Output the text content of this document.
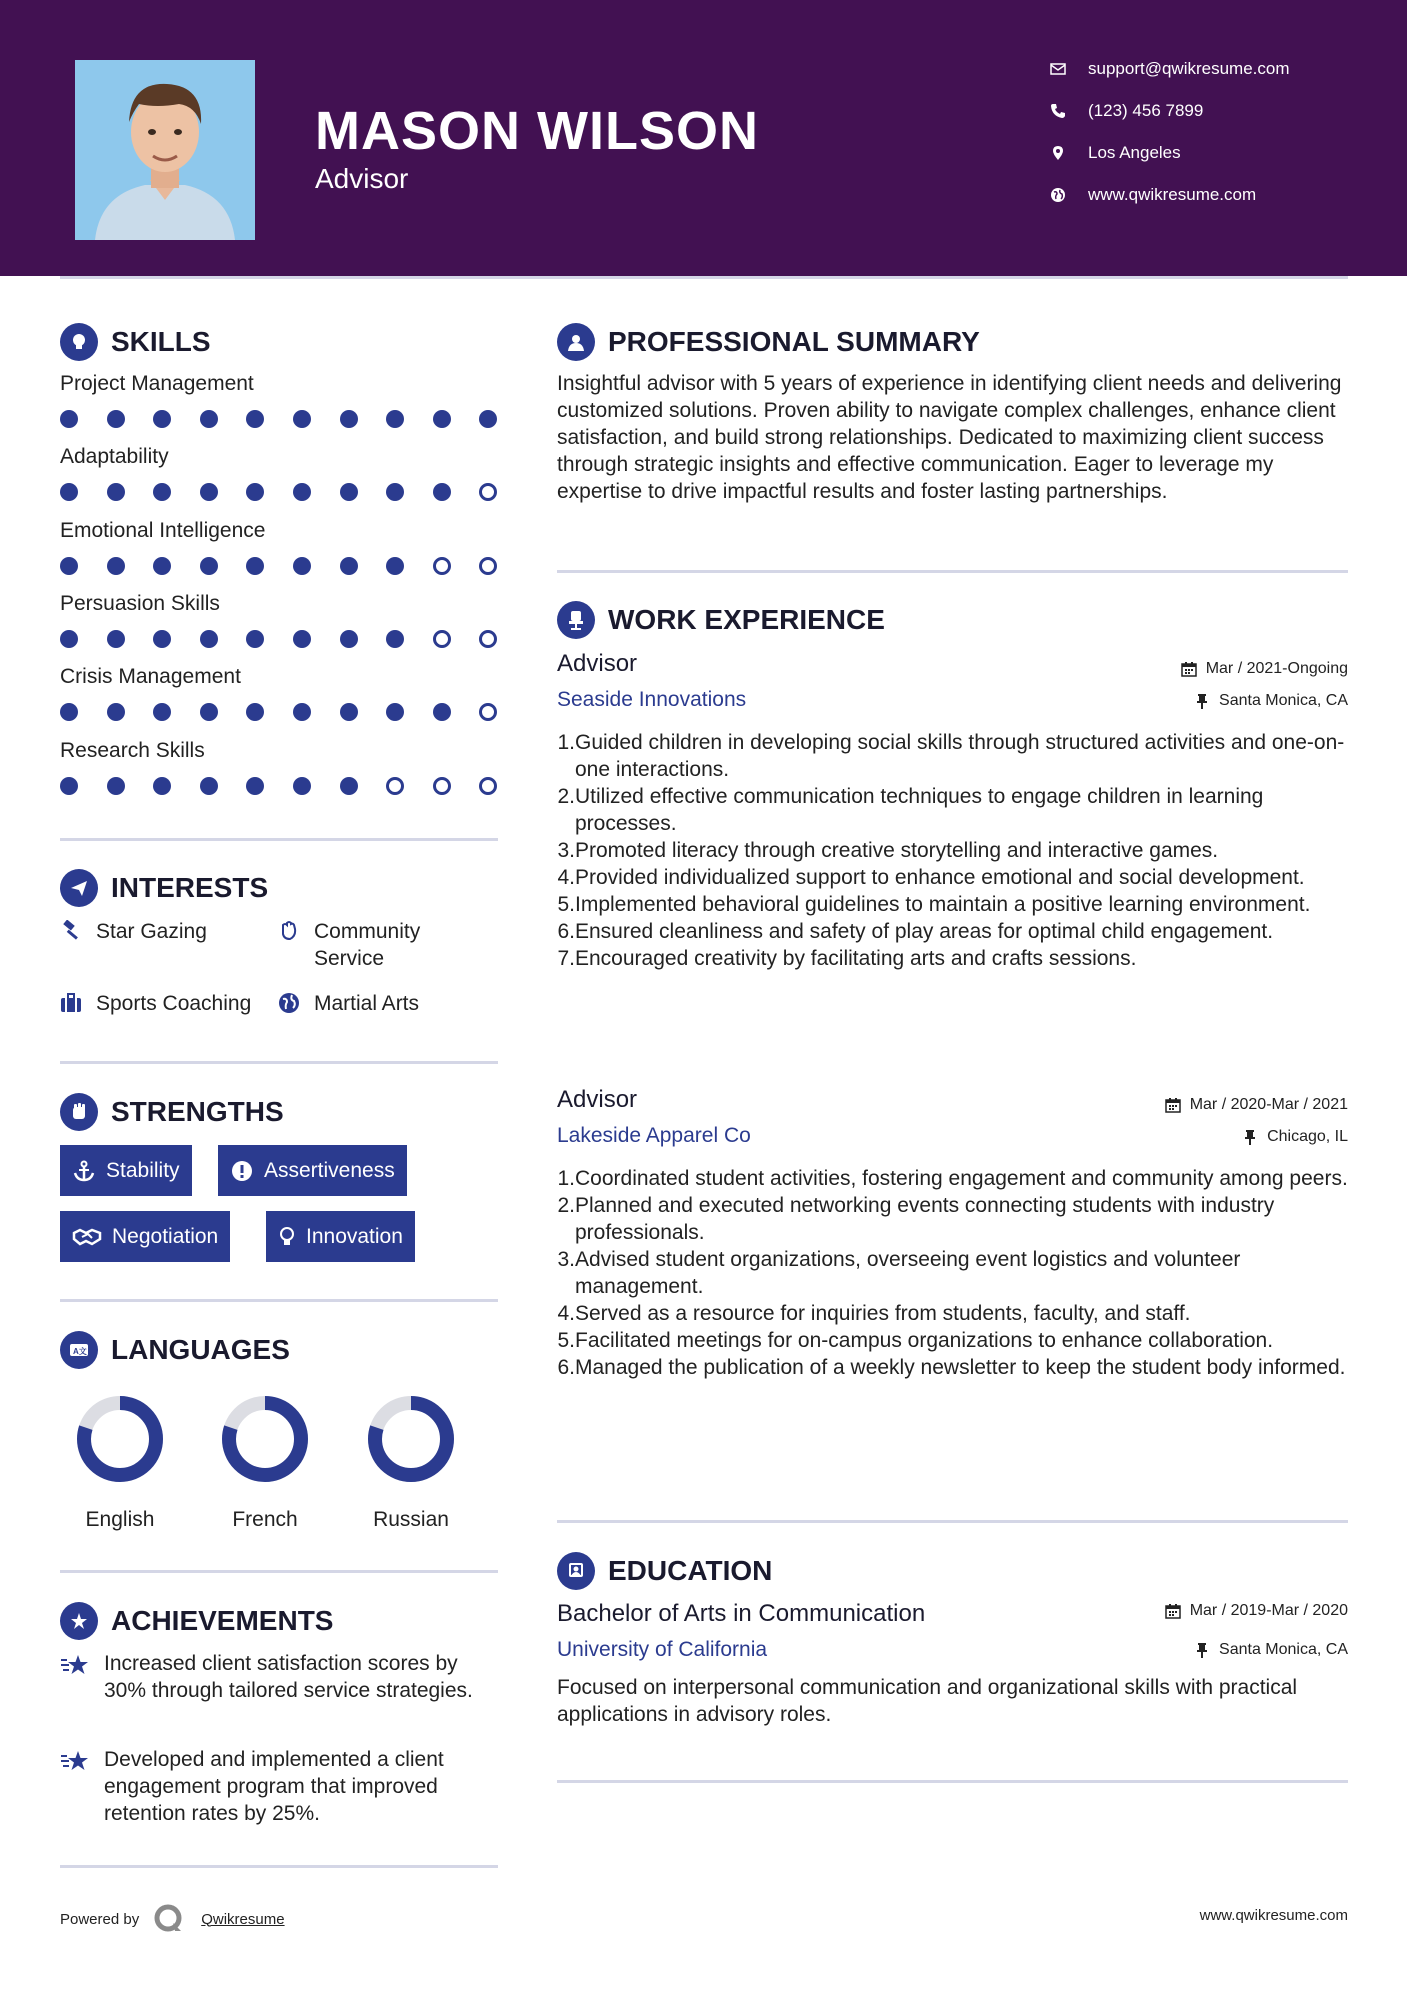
MASON WILSON
Advisor
support@qwikresume.com
(123) 456 7899
Los Angeles
www.qwikresume.com
SKILLS
Project Management
Adaptability
Emotional Intelligence
Persuasion Skills
Crisis Management
Research Skills
INTERESTS
Star Gazing	Community Service
Sports Coaching	Martial Arts
STRENGTHS
Stability	Assertiveness
Negotiation	Innovation
A文 LANGUAGES
English	French	Russian
ACHIEVEMENTS
Increased client satisfaction scores by 30% through tailored service strategies.
Developed and implemented a client engagement program that improved retention rates by 25%.
PROFESSIONAL SUMMARY
Insightful advisor with 5 years of experience in identifying client needs and delivering customized solutions. Proven ability to navigate complex challenges, enhance client satisfaction, and build strong relationships. Dedicated to maximizing client success through strategic insights and effective communication. Eager to leverage my expertise to drive impactful results and foster lasting partnerships.
WORK EXPERIENCE
Advisor	Mar / 2021-Ongoing
Seaside Innovations	Santa Monica, CA
1. Guided children in developing social skills through structured activities and one-on-one interactions.
2. Utilized effective communication techniques to engage children in learning processes.
3. Promoted literacy through creative storytelling and interactive games.
4. Provided individualized support to enhance emotional and social development.
5. Implemented behavioral guidelines to maintain a positive learning environment.
6. Ensured cleanliness and safety of play areas for optimal child engagement.
7. Encouraged creativity by facilitating arts and crafts sessions.
Advisor	Mar / 2020-Mar / 2021
Lakeside Apparel Co	Chicago, IL
1. Coordinated student activities, fostering engagement and community among peers.
2. Planned and executed networking events connecting students with industry professionals.
3. Advised student organizations, overseeing event logistics and volunteer management.
4. Served as a resource for inquiries from students, faculty, and staff.
5. Facilitated meetings for on-campus organizations to enhance collaboration.
6. Managed the publication of a weekly newsletter to keep the student body informed.
EDUCATION
Bachelor of Arts in Communication	Mar / 2019-Mar / 2020
University of California	Santa Monica, CA
Focused on interpersonal communication and organizational skills with practical applications in advisory roles.
Powered by	Qwikresume	www.qwikresume.com
